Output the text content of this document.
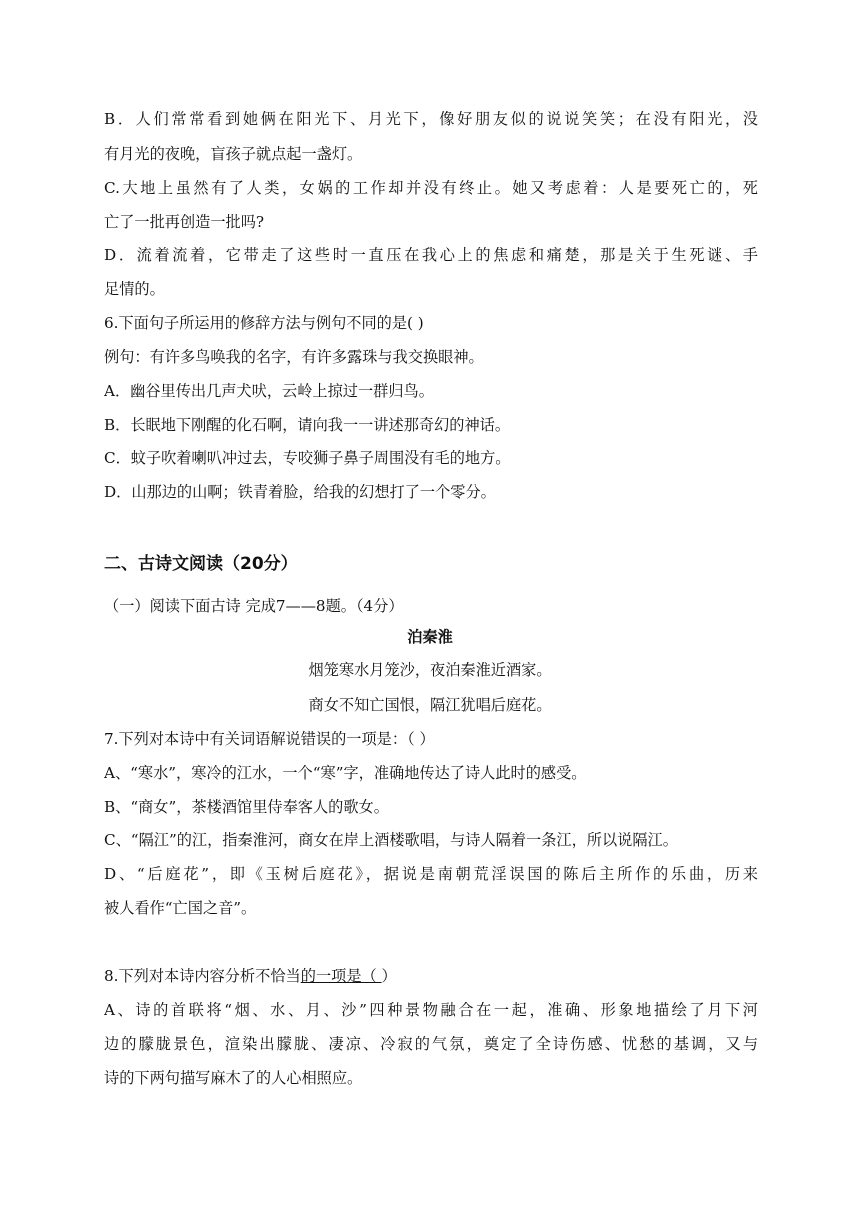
B．人们常常看到她俩在阳光下、月光下，像好朋友似的说说笑笑；在没有阳光，没
有月光的夜晚，盲孩子就点起一盏灯。
C.大地上虽然有了人类，女娲的工作却并没有终止。她又考虑着：人是要死亡的，死
亡了一批再创造一批吗?
D．流着流着，它带走了这些时一直压在我心上的焦虑和痛楚，那是关于生死谜、手
足情的。
6.下面句子所运用的修辞方法与例句不同的是( )
例句：有许多鸟唤我的名字，有许多露珠与我交换眼神。
A．幽谷里传出几声犬吠，云岭上掠过一群归鸟。
B．长眠地下刚醒的化石啊，请向我一一讲述那奇幻的神话。
C．蚊子吹着喇叭冲过去，专咬狮子鼻子周围没有毛的地方。
D．山那边的山啊；铁青着脸，给我的幻想打了一个零分。
二、古诗文阅读（20分）
（一）阅读下面古诗 完成7——8题。（4分）
泊秦淮
烟笼寒水月笼沙，夜泊秦淮近酒家。
商女不知亡国恨，隔江犹唱后庭花。
7.下列对本诗中有关词语解说错误的一项是：（ ）
A、“寒水”，寒冷的江水，一个“寒”字，准确地传达了诗人此时的感受。
B、“商女”，茶楼酒馆里侍奉客人的歌女。
C、“隔江”的江，指秦淮河，商女在岸上酒楼歌唱，与诗人隔着一条江，所以说隔江。
D、“后庭花”，即《玉树后庭花》，据说是南朝荒淫误国的陈后主所作的乐曲，历来
被人看作“亡国之音”。
8.下列对本诗内容分析不恰当的一项是（ ）
A、诗的首联将“烟、水、月、沙”四种景物融合在一起，准确、形象地描绘了月下河
边的朦胧景色，渲染出朦胧、凄凉、冷寂的气氛，奠定了全诗伤感、忧愁的基调，又与
诗的下两句描写麻木了的人心相照应。
